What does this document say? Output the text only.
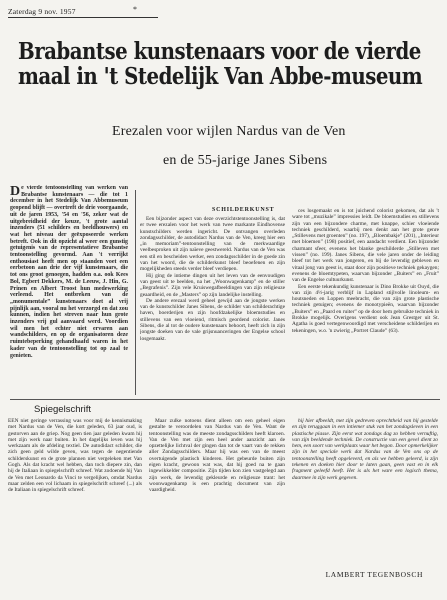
Zaterdag 9 nov. 1957	*
Brabantse kunstenaars voor de vierde
maal in 't Stedelijk Van Abbe-museum
Erezalen voor wijlen Nardus van de Ven
en de 55-jarige Janes Sibens

De vierde tentoonstelling van werken van Brabantse kunstenaars — die tot 1 december in het Stedelijk Van Abbemuseum geopend blijft — overtreft de drie voorgaande, uit de jaren 1953, '54 en '56, zeker wat de uitgebreidheid der keuze, 't grote aantal inzenders (51 schilders en beeldhouwers) en wat het niveau der geëxposeerde werken betreft. Ook in dit opzicht al weer een gunstig getuigenis van de representatieve Brabantse tentoonstelling gevormd. Aan 't verrijkt enthousiast heeft men op staanden voet een eerbetoon aan drie der vijf kunstenaars, die tot ons groot genoegen, hadden o.a. ook Kees Bol, Egbert Dekkers, M. de Leeuw, J. Hin, G. Prinen en Albert Troost hun medewerking verleend. Het ontbreken van de „monumentale” kunstenaars doet al vrij pijnlijk aan, vooral nu het verzorgd en dat zou kunnen, indien het streven naar hun grote inzenders vrij gul aanvaard werd. Voordien wil men het echter niet ervaren aan wandschilders, en op de organisatoren deze ruimtebeperking gehandhaafd waren in het kader van de tentoonstelling tot op zaal te genieten.

SCHILDERKUNST

Een bijzonder aspect van deze overzichtstentoonstelling is, dat er twee erezalen voor het werk van twee markante Eindhovense kunstschilders werden ingericht. De ontvangen overleden zondagsschilder, de autodidact Nardus van de Ven, kreeg hier een „in memoriam”-tentoonstelling van de merkwaardige veelbesproken uit zijn naïeve geestwereld. Nardus van de Ven was een stil en bescheiden werker, een zondagsschilder in de goede zin van het woord, die de schilderkunst bleef beoefenen en zijn mogelijkheden steeds verder bleef verdiepen.

Hij ging de intieme dingen uit het leven van de eenvoudigen van geest uit te beelden, na het „Woonwagenkamp” en de stiller „Begrafenis”. Zijn vele Kruiswegafbeeldingen van zijn religieuze geaardheid, en de „Masters” op zijn landelijke instelling.

De andere erezaal werd geheel gewijd aan de jongste werken van de kunstschilder Janes Sibens, de schilder van schilderachtige haven, boerderijen en zijn hoofdzakelijke bloemstudies en stillevens van een vloeiend, ritmisch geordend colorist. Janes Sibens, die al tot de oudere kunstenaars behoort, heeft zich in zijn jongste doeken van de vale grijsnuanceringen der Engelse school losgemaakt.

ces losgemaakt en is tot juichend colorist gekomen, dat als 't ware tot „muzikale” impressies leidt. De bloemstudies en stillevens zijn van een bijzondere charme, met knappe, schier vloeiende techniek geschilderd, waarbij men denkt aan het grote genre „Stillevens met groenten” (no. 197), „Bloembakje” (201), „Interieur met bloemen” (198) positief, een aandacht verdient. Een bijzonder charmant sfeer, evenens het blanke geschilderde „Stilleven met vissen” (no. 199). Janes Sibens, die vele jaren onder de leiding bleef tot het werk van jongeren, en bij de levendig gebleven en vitaal jong van geest is, staat door zijn positieve techniek gekaygen; evenens de bloemtypeten, waarvan bijzonder „Buiters” en „Fruit” van de Engelse cultuurkunst.

Een eerste tekenkundig kunstenaar is Dino Brokke uit Ouyd, die van zijn 4½-jarig verblijf in Lapland stijlvolle linoleum- en houtsneden en Loppen meebracht, die van zijn grote plastische techniek getuigen; evenens de monotypieën, waarvan bijzonder „Buiters” en „Paard en ruiter” op de door hem gebruikte techniek in Brokke mogelijk. Overigens verdient ook Jean Grestger uit St. Agatha is goed vertegenwoordigd met verscheidene schilderijen en tekeningen, w.o. 'n zwierig „Portret Claude” (63).

Spiegelschrift

EEN niet geringe verrassing was voor mij de kennismaking met Nardus van de Ven, die kort geleden, 63 jaar oud, is gestorven aan de griep. Nog geen tien jaar geleden kwam hij met zijn werk naar buiten. In het dagelijks leven was hij werkzaam als de afdeling textiel. De autodidact schilder, die zich geen geld wilde geven, was tegen de negentiende schilderskunst en de grote plannen niet vergeleken met Van Gogh. Als dat kracht wel hebben, dan toch diepere zin, dan hij de Italiaan in spiegelschrift schreef. Wat zodoende hij Van de Ven met Leonardo da Vinci te vergelijken, omdat Nardus maar zelden een vol lichaam in spiegelschrift schreef (...) als de Italiaan in spiegelschrift schreef.

Maar zulke notoens dient alleen om een geheel eigen gestalte te veroordelen van Nardus van de Ven. Want de tentoonstelling was de meeste zondagsschilders heeft klaroen. Van de Ven met zijn een heel ander aanzicht aan de opzettelijke lichtval der gingen dan tot de vaart van de rekken aller Zondagsschilders. Maar hij was een van de meest overtuigende plastisch kinderen. Het gebeurde buiten zijn eigen kracht, gewoon wat was, dat hij goed na te gaan ingewikkelder compositie. Zijn tijden kon zien vastgelegd aan zijn werk, de levendig gekleurde en religieuze trant: het woonwagenkamp is een prachtig document van zijn vaardigheid.

hij hier afbeeldt, met zijn gedreven oprechtheid van hij gestelde en zijn teruggaan in een intiemer stuk van het zondagsleven in een plastische piasse. Zijn eerst wat zondags dag zo hebben vernuftig, van zijn beeldende techniek. De constructie van een gevel dient zo hem, een soort van werkplaats waar het begon. Door opmerkelijker zijn in het speciale werk dat Nardus van de Ven ons op de tentoonstelling heeft opgeleverd, en als we hebben geleerd, is zijn tekenen en doeken hier door te laten gaan, geen vast en in elk fragment geleefd heeft. Het is als het ware een logisch thema, daarmee in zijn werk gegeven.

LAMBERT TEGENBOSCH
